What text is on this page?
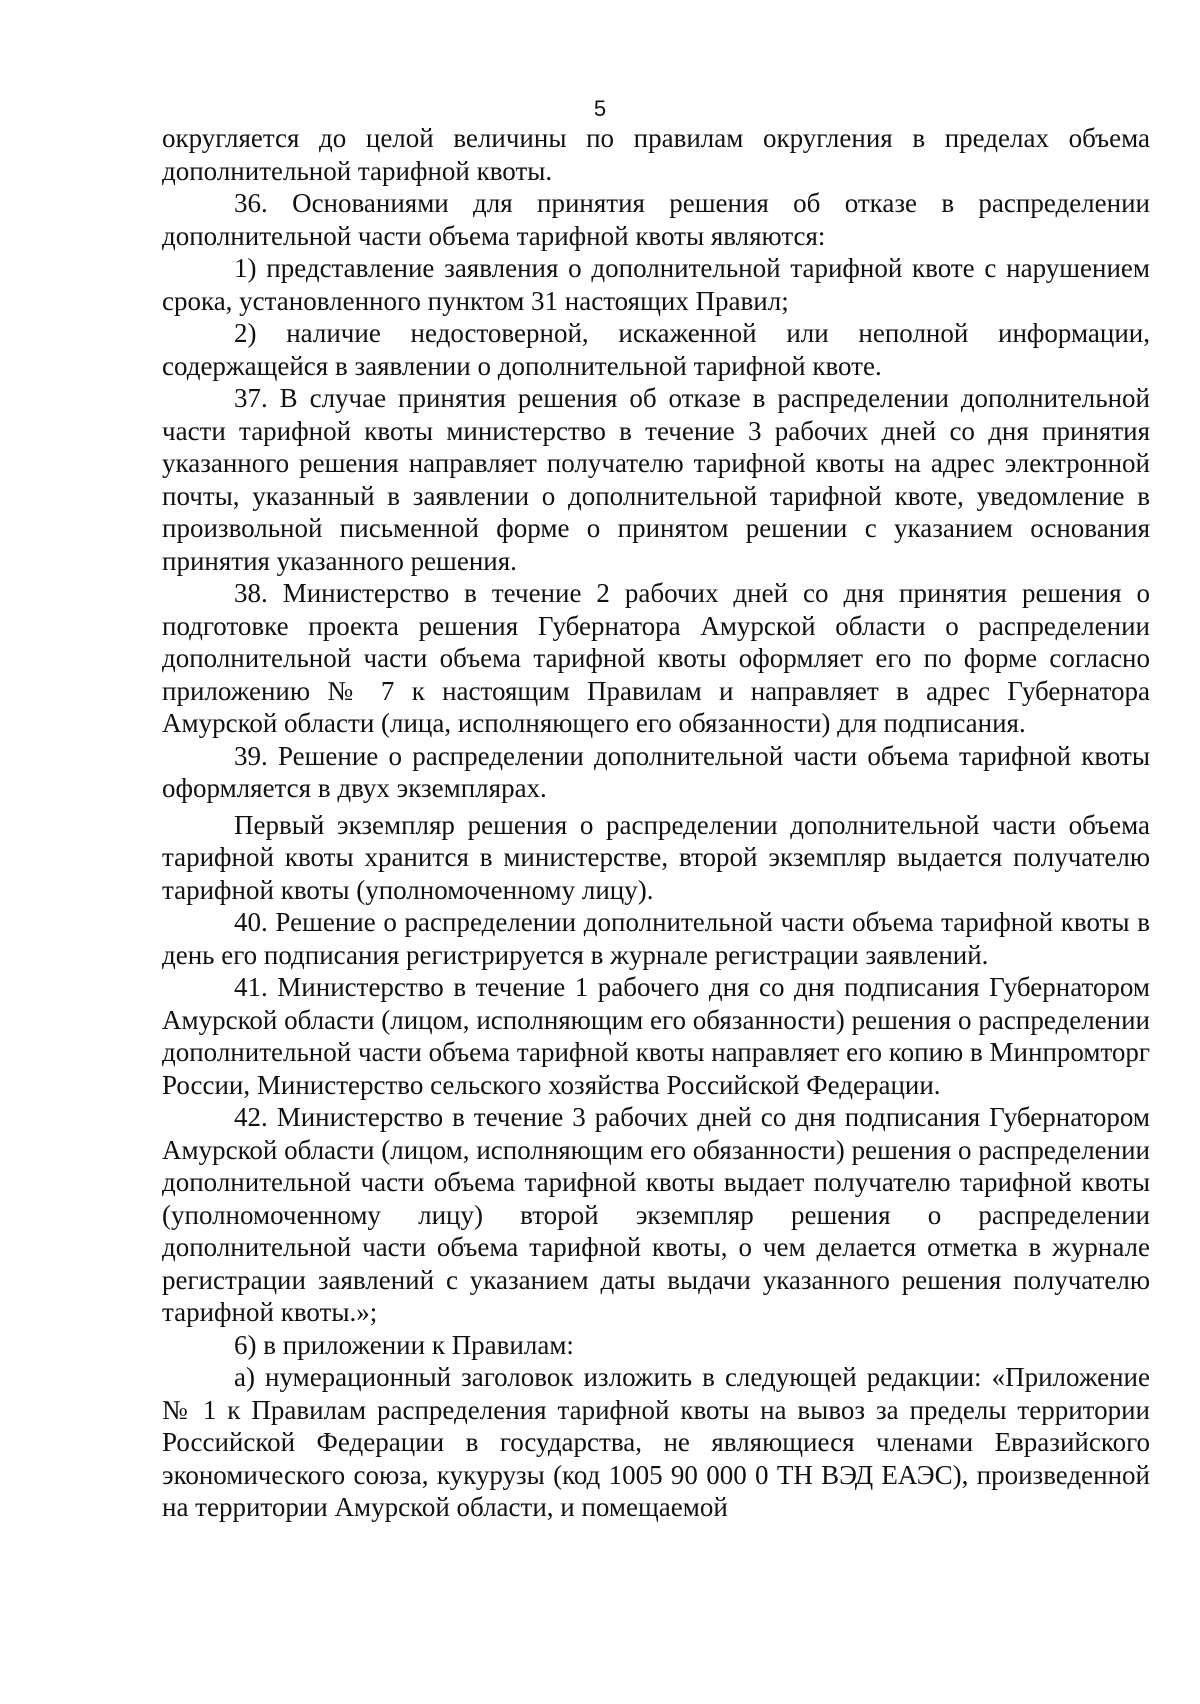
5

округляется до целой величины по правилам округления в пределах объема дополнительной тарифной квоты.

36. Основаниями для принятия решения об отказе в распределении дополнительной части объема тарифной квоты являются:

1) представление заявления о дополнительной тарифной квоте с нарушением срока, установленного пунктом 31 настоящих Правил;

2) наличие недостоверной, искаженной или неполной информации, содержащейся в заявлении о дополнительной тарифной квоте.

37. В случае принятия решения об отказе в распределении дополнительной части тарифной квоты министерство в течение 3 рабочих дней со дня принятия указанного решения направляет получателю тарифной квоты на адрес электронной почты, указанный в заявлении о дополнительной тарифной квоте, уведомление в произвольной письменной форме о принятом решении с указанием основания принятия указанного решения.

38. Министерство в течение 2 рабочих дней со дня принятия решения о подготовке проекта решения Губернатора Амурской области о распределении дополнительной части объема тарифной квоты оформляет его по форме согласно приложению № 7 к настоящим Правилам и направляет в адрес Губернатора Амурской области (лица, исполняющего его обязанности) для подписания.

39. Решение о распределении дополнительной части объема тарифной квоты оформляется в двух экземплярах.

Первый экземпляр решения о распределении дополнительной части объема тарифной квоты хранится в министерстве, второй экземпляр выдается получателю тарифной квоты (уполномоченному лицу).

40. Решение о распределении дополнительной части объема тарифной квоты в день его подписания регистрируется в журнале регистрации заявлений.

41. Министерство в течение 1 рабочего дня со дня подписания Губернатором Амурской области (лицом, исполняющим его обязанности) решения о распределении дополнительной части объема тарифной квоты направляет его копию в Минпромторг России, Министерство сельского хозяйства Российской Федерации.

42. Министерство в течение 3 рабочих дней со дня подписания Губернатором Амурской области (лицом, исполняющим его обязанности) решения о распределении дополнительной части объема тарифной квоты выдает получателю тарифной квоты (уполномоченному лицу) второй экземпляр решения о распределении дополнительной части объема тарифной квоты, о чем делается отметка в журнале регистрации заявлений с указанием даты выдачи указанного решения получателю тарифной квоты.»;

6) в приложении к Правилам:

а) нумерационный заголовок изложить в следующей редакции: «Приложение № 1 к Правилам распределения тарифной квоты на вывоз за пределы территории Российской Федерации в государства, не являющиеся членами Евразийского экономического союза, кукурузы (код 1005 90 000 0 ТН ВЭД ЕАЭС), произведенной на территории Амурской области, и помещаемой
